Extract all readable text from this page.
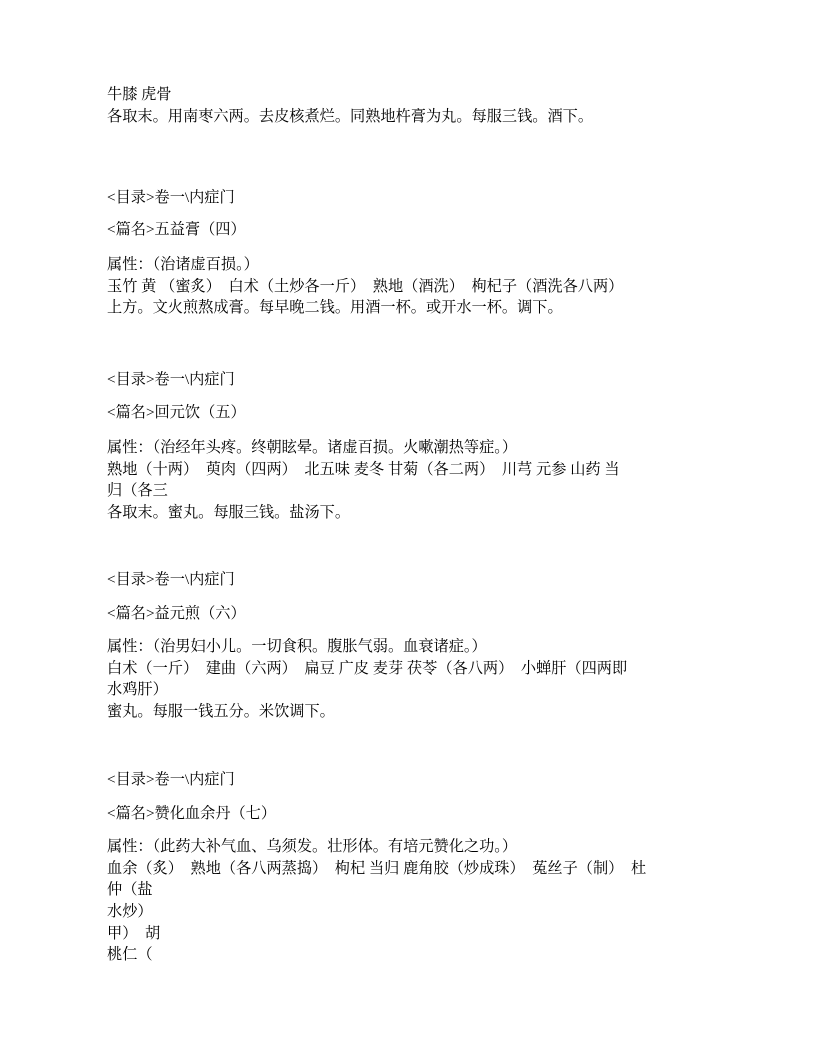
牛膝 虎骨
各取末。用南枣六两。去皮核煮烂。同熟地杵膏为丸。每服三钱。酒下。
<目录>卷一\内症门
<篇名>五益膏（四）
属性：（治诸虚百损。）
玉竹 黄 （蜜炙）　白术（土炒各一斤）　熟地（酒洗）　枸杞子（酒洗各八两）
上方。文火煎熬成膏。每早晚二钱。用酒一杯。或开水一杯。调下。
<目录>卷一\内症门
<篇名>回元饮（五）
属性：（治经年头疼。终朝眩晕。诸虚百损。火嗽潮热等症。）
熟地（十两）　萸肉（四两）　北五味 麦冬 甘菊（各二两）　川芎 元参 山药 当
归（各三
各取末。蜜丸。每服三钱。盐汤下。
<目录>卷一\内症门
<篇名>益元煎（六）
属性：（治男妇小儿。一切食积。腹胀气弱。血衰诸症。）
白术（一斤）　建曲（六两）　扁豆 广皮 麦芽 茯苓（各八两）　小蝉肝（四两即
水鸡肝）
蜜丸。每服一钱五分。米饮调下。
<目录>卷一\内症门
<篇名>赞化血余丹（七）
属性：（此药大补气血、乌须发。壮形体。有培元赞化之功。）
血余（炙）　熟地（各八两蒸捣）　枸杞 当归 鹿角胶（炒成珠）　菟丝子（制）　杜
仲（盐
水炒）
甲）　胡
桃仁（
